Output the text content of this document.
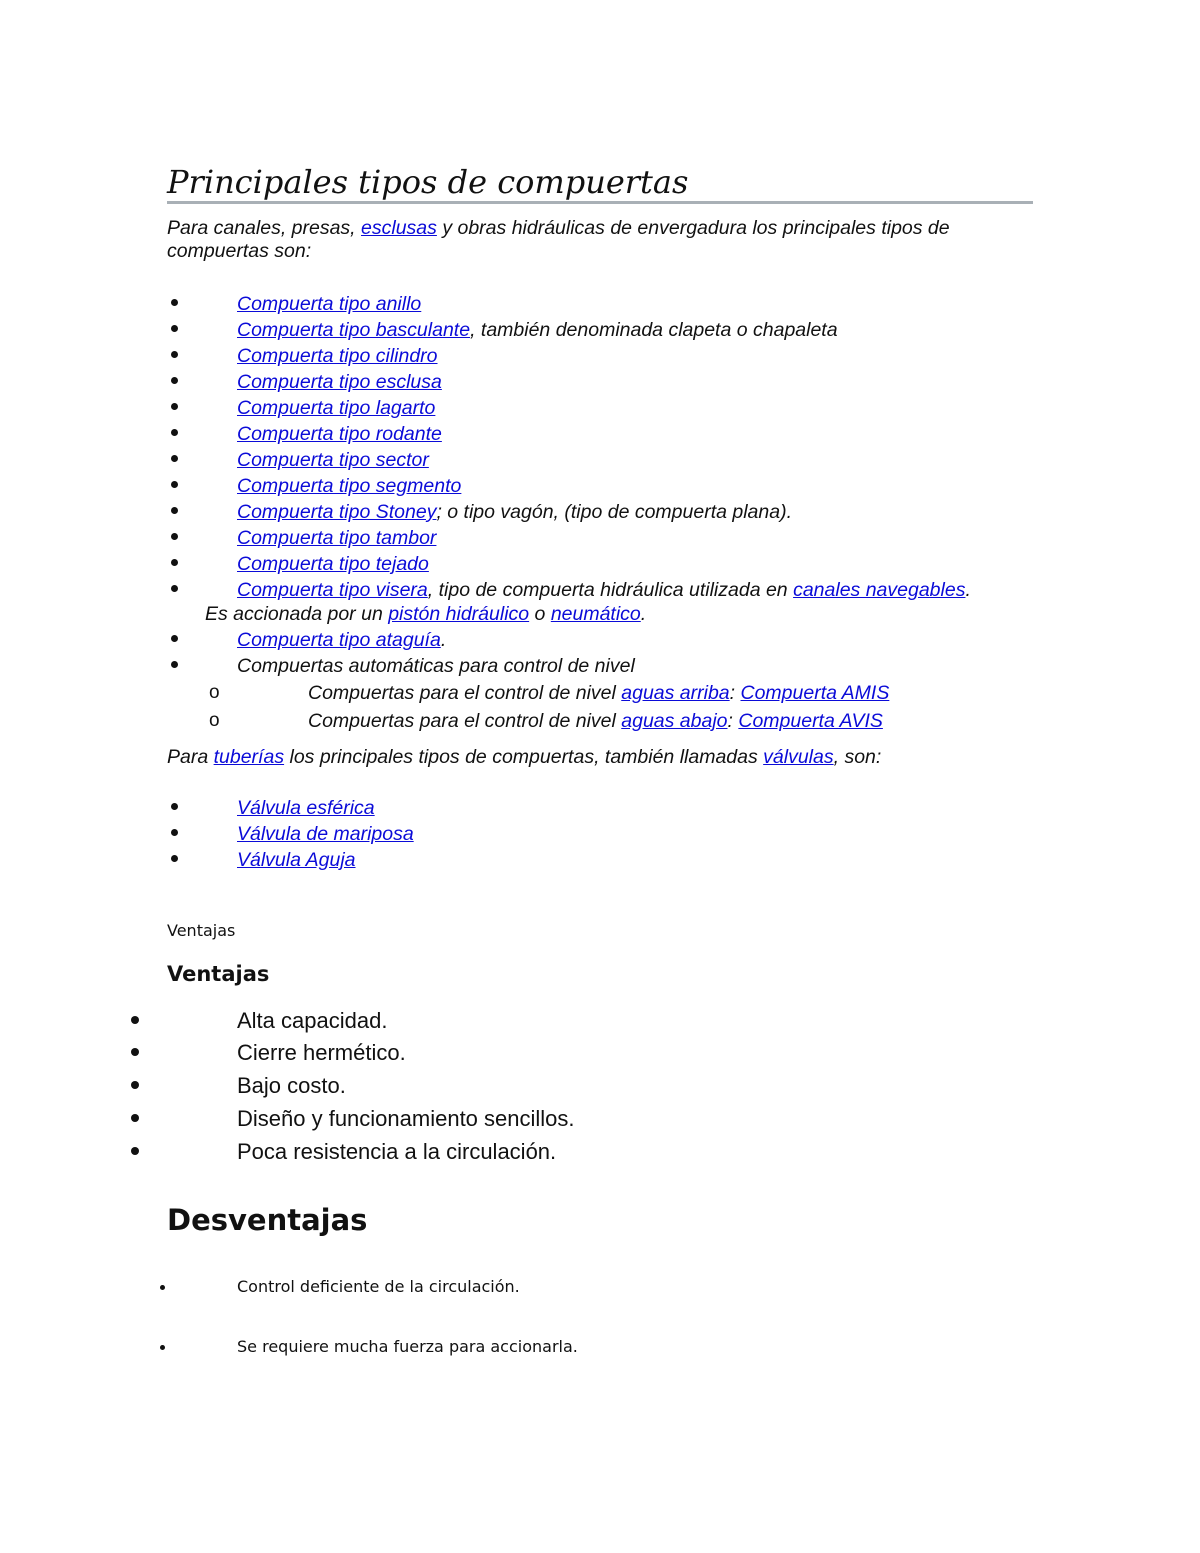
Principales tipos de compuertas
Para canales, presas, esclusas y obras hidráulicas de envergadura los principales tipos de
compuertas son:
Compuerta tipo anillo
Compuerta tipo basculante, también denominada clapeta o chapaleta
Compuerta tipo cilindro
Compuerta tipo esclusa
Compuerta tipo lagarto
Compuerta tipo rodante
Compuerta tipo sector
Compuerta tipo segmento
Compuerta tipo Stoney; o tipo vagón, (tipo de compuerta plana).
Compuerta tipo tambor
Compuerta tipo tejado
Compuerta tipo visera, tipo de compuerta hidráulica utilizada en canales navegables.
Es accionada por un pistón hidráulico o neumático.
Compuerta tipo ataguía.
Compuertas automáticas para control de nivel
o	Compuertas para el control de nivel aguas arriba: Compuerta AMIS
o	Compuertas para el control de nivel aguas abajo: Compuerta AVIS
Para tuberías los principales tipos de compuertas, también llamadas válvulas, son:
Válvula esférica
Válvula de mariposa
Válvula Aguja
Ventajas
Ventajas
Alta capacidad.
Cierre hermético.
Bajo costo.
Diseño y funcionamiento sencillos.
Poca resistencia a la circulación.
Desventajas
Control deficiente de la circulación.
Se requiere mucha fuerza para accionarla.
